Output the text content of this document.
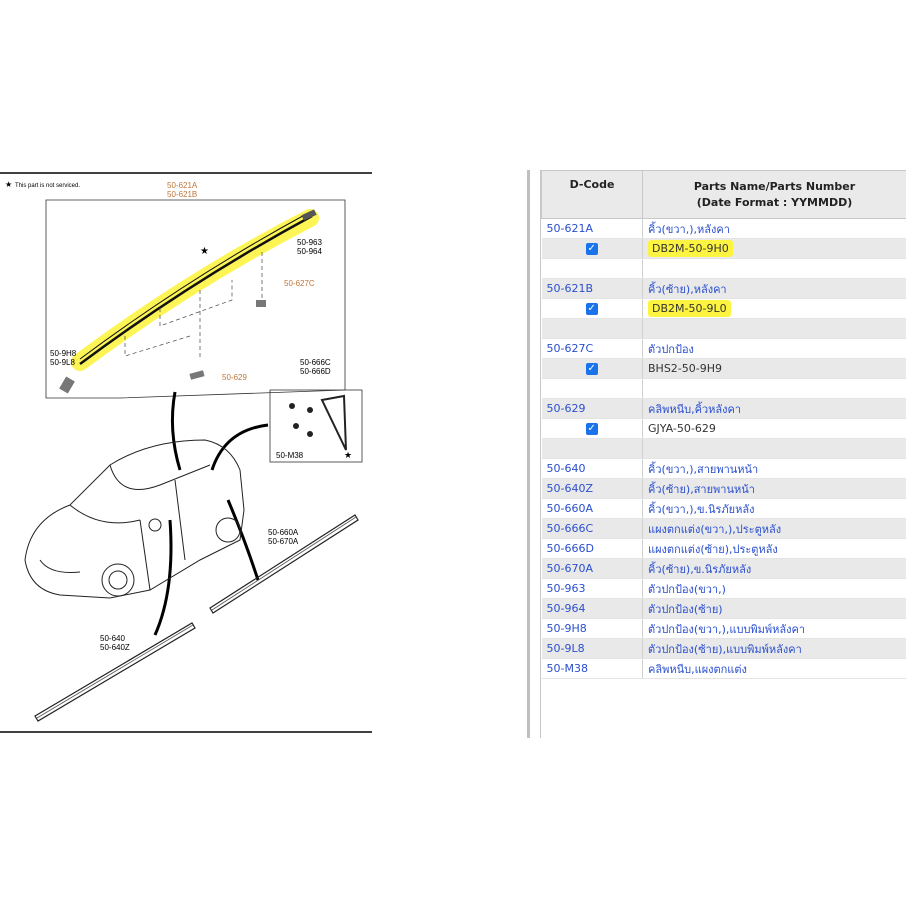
★ This part is not serviced.
★
50-621A
50-621B
50-963
50-964
50-627C
50-9H8
50-9L8
50-629
50-666C
50-666D
50-M38	★
50-660A
50-670A
50-640
50-640Z
D-Code	Parts Name/Parts Number
(Date Format : YYMMDD)

50-621A	คิ้ว(ขวา,),หลังคา
✓	DB2M-50-9H0

50-621B	คิ้ว(ซ้าย),หลังคา
✓	DB2M-50-9L0

50-627C	ตัวปกป้อง
✓	BHS2-50-9H9

50-629	คลิพหนีบ,คิ้วหลังคา
✓	GJYA-50-629

50-640	คิ้ว(ขวา,),สายพานหน้า
50-640Z	คิ้ว(ซ้าย),สายพานหน้า
50-660A	คิ้ว(ขวา,),ข.นิรภัยหลัง
50-666C	แผงตกแต่ง(ขวา,),ประตูหลัง
50-666D	แผงตกแต่ง(ซ้าย),ประตูหลัง
50-670A	คิ้ว(ซ้าย),ข.นิรภัยหลัง
50-963	ตัวปกป้อง(ขวา,)
50-964	ตัวปกป้อง(ซ้าย)
50-9H8	ตัวปกป้อง(ขวา,),แบบพิมพ์หลังคา
50-9L8	ตัวปกป้อง(ซ้าย),แบบพิมพ์หลังคา
50-M38	คลิพหนีบ,แผงตกแต่ง
